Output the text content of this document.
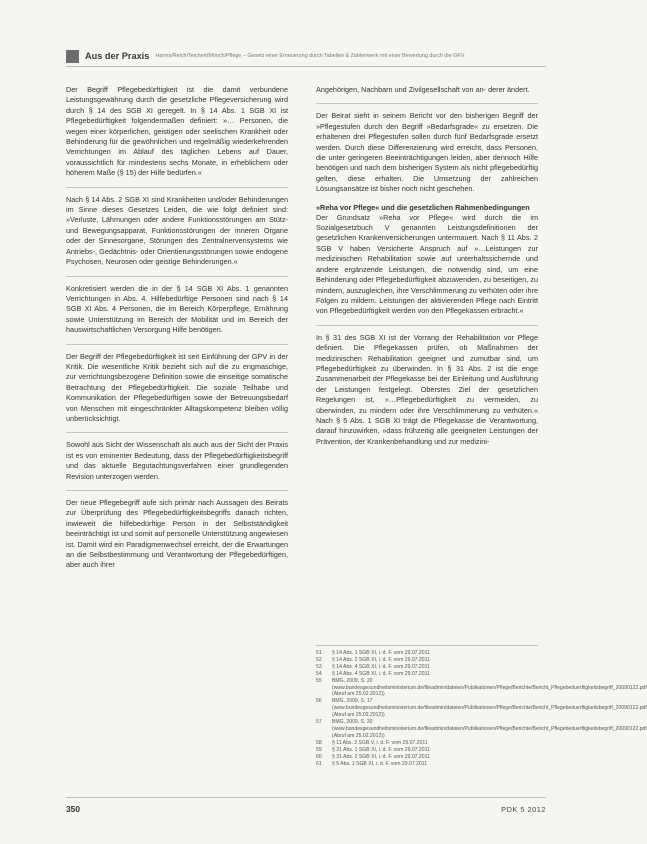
Aus der Praxis Harms/Reich/Teichert/Mönch/Pflege – Gesetz einer Erneuerung durch Tabellen & Zahlenwerk mit einer Bewertung durch die GKV

Der Begriff Pflegebedürftigkeit ist die damit verbundene Leistungsgewährung durch die gesetzliche Pflegeversicherung wird durch § 14 des SGB XI geregelt. In § 14 Abs. 1 SGB XI ist Pflegebedürftigkeit folgendermaßen definiert: »… Personen, die wegen einer körperlichen, geistigen oder seelischen Krankheit oder Behinderung für die gewöhnlichen und regelmäßig wiederkehrenden Verrichtungen im Ablauf des täglichen Lebens auf Dauer, voraussichtlich für mindestens sechs Monate, in erheblichem oder höherem Maße (§ 15) der Hilfe bedürfen.«

Nach § 14 Abs. 2 SGB XI sind Krankheiten und/oder Behinderungen im Sinne dieses Gesetzes Leiden, die wie folgt definiert sind: »Verluste, Lähmungen oder andere Funktionsstörungen am Stütz- und Bewegungsapparat, Funktionsstörungen der inneren Organe oder der Sinnesorgane, Störungen des Zentralnervensystems wie Antriebs-, Gedächtnis- oder Orientierungsstörungen sowie endogene Psychosen, Neurosen oder geistige Behinderungen.«

Konkretisiert werden die in der § 14 SGB XI Abs. 1 genannten Verrichtungen in Abs. 4. Hilfebedürftige Personen sind nach § 14 SGB XI Abs. 4 Personen, die im Bereich Körperpflege, Ernährung sowie Unterstützung im Bereich der Mobilität und im Bereich der hauswirtschaftlichen Versorgung Hilfe benötigen.

Der Begriff der Pflegebedürftigkeit ist seit Einführung der GPV in der Kritik. Die wesentliche Kritik bezieht sich auf die zu engmaschige, zur verrichtungsbezogene Definition sowie die einseitige somatische Betrachtung der Pflegebedürftigkeit. Die soziale Teilhabe und Kommunikation der Pflegebedürftigen sowie der Betreuungsbedarf von Menschen mit eingeschränkter Alltagskompetenz bleiben völlig unberücksichtigt.

Sowohl aus Sicht der Wissenschaft als auch aus der Sicht der Praxis ist es von eminenter Bedeutung, dass der Pflegebedürftigkeitsbegriff und das aktuelle Begutachtungsverfahren einer grundlegenden Revision unterzogen werden.

Der neue Pflegebegriff aufe sich primär nach Aussagen des Beirats zur Überprüfung des Pflegebedürftigkeitsbegriffs danach richten, inwieweit die hilfebedürftige Person in der Selbstständigkeit beeinträchtigt ist und somit auf personelle Unterstützung angewiesen ist. Damit wird ein Paradigmenwechsel erreicht, der die Erwartungen an die Selbstbestimmung und Verantwortung der Pflegebedürftigen, aber auch ihrer

Angehörigen, Nachbarn und Zivilgesellschaft von an- derer ändert.

Der Beirat sieht in seinem Bericht vor den bisherigen Begriff der »Pflegestufen durch den Begriff »Bedarfsgrade« zu ersetzen. Die erhaltenen drei Pflegestufen sollen durch fünf Bedarfsgrade ersetzt werden. Durch diese Differenzierung wird erreicht, dass Personen, die unter geringeren Beeinträchtigungen leiden, aber dennoch Hilfe benötigen und nach dem bisherigen System als nicht pflegebedürftig gelten, diese erhalten. Die Umsetzung der zahlreichen Lösungsansätze ist bisher noch nicht geschehen.

»Reha vor Pflege« und die gesetzlichen Rahmenbedingungen

Der Grundsatz »Reha vor Pflege« wird durch die im Sozialgesetzbuch V genannten Leistungsdefinitionen der gesetzlichen Krankenversicherungen untermauert. Nach § 11 Abs. 2 SGB V haben Versicherte Anspruch auf »…Leistungen zur medizinischen Rehabilitation sowie auf unterhaltssichernde und andere ergänzende Leistungen, die notwendig sind, um eine Behinderung oder Pflegebedürftigkeit abzuwenden, zu beseitigen, zu mindern, auszugleichen, ihre Verschlimmerung zu verhüten oder ihre Folgen zu mildern. Leistungen der aktivierenden Pflege nach Eintritt von Pflegebedürftigkeit werden von den Pflegekassen erbracht.«

In § 31 des SGB XI ist der Vorrang der Rehabilitation vor Pflege definiert. Die Pflegekassen prüfen, ob Maßnahmen der medizinischen Rehabilitation geeignet und zumutbar sind, um Pflegebedürftigkeit zu überwinden. In § 31 Abs. 2 ist die enge Zusammenarbeit der Pflegekasse bei der Einleitung und Ausführung der Leistungen festgelegt. Oberstes Ziel der gesetzlichen Regelungen ist, »…Pflegebedürftigkeit zu vermeiden, zu überwinden, zu mindern oder ihre Verschlimmerung zu verhüten.« Nach § 5 Abs. 1 SGB XI trägt die Pflegekasse die Verantwortung, darauf hinzuwirken, »dass frühzeitig alle geeigneten Leistungen der Prävention, der Krankenbehandlung und zur medizini-

51	§ 14 Abs. 1 SGB XI, i. d. F. vom 29.07.2011
52	§ 14 Abs. 2 SGB XI, i. d. F. vom 29.07.2011
53	§ 14 Abs. 4 SGB XI, i. d. F. vom 29.07.2011
54	§ 14 Abs. 4 SGB XI, i. d. F. vom 29.07.2011
55	BMG, 2009, S. 20 (www.bundesgesundheitsministerium.de/fileadmin/dateien/Publikationen/Pflege/Berichte/Bericht_Pflegebeduerftigkeitsbegriff_20090122.pdf (Abruf am 25.02.2012))
56	BMG, 2009, S. 17 (www.bundesgesundheitsministerium.de/fileadmin/dateien/Publikationen/Pflege/Berichte/Bericht_Pflegebeduerftigkeitsbegriff_20090122.pdf (Abruf am 25.02.2012))
57	BMG, 2009, S. 20 (www.bundesgesundheitsministerium.de/fileadmin/dateien/Publikationen/Pflege/Berichte/Bericht_Pflegebeduerftigkeitsbegriff_20090122.pdf (Abruf am 25.02.2012))
58	§ 11 Abs. 2 SGB V, i. d. F. vom 29.07.2011
59	§ 31 Abs. 1 SGB XI, i. d. F. vom 29.07.2011
60	§ 31 Abs. 2 SGB XI, i. d. F. vom 29.07.2011
61	§ 5 Abs. 1 SGB XI, i. d. F. vom 29.07.2011
350	PDK 5 2012
